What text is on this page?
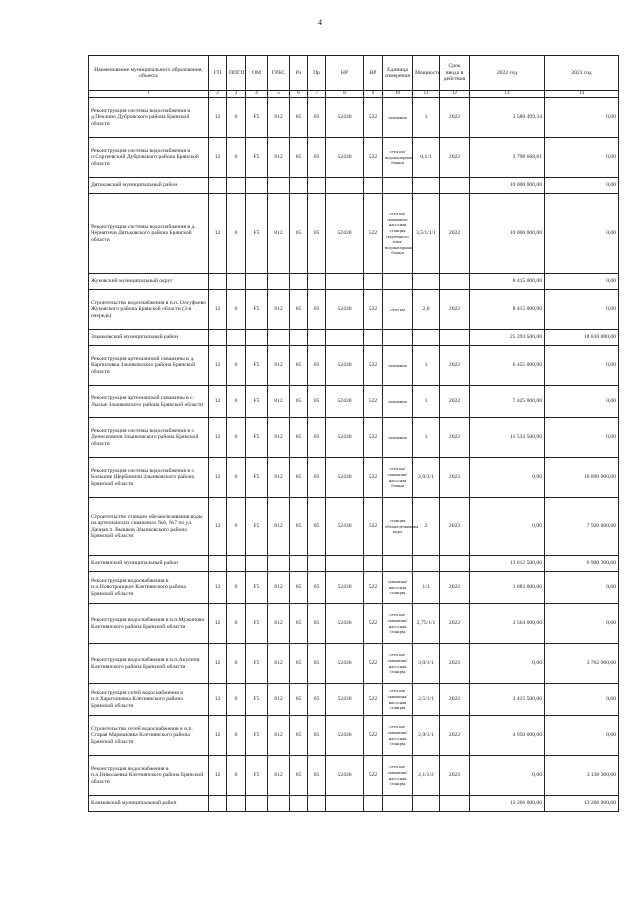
4
Наименование муниципального образования, объекта	ГП	ППГП	ОМ	ГРБС	Рз	Пр	НР	ВР	Единица измерения	Мощность	Срок ввода в действия	2022 год	2023 год
1	2	3	4	5	6	7	8	9	10	11	12	13	14
Реконструкция системы водоснабжения в д.Пеклино Дубровского района Брянской области	12	0	F5	812	05	05	52430	522	скважина	1	2022	3 580 499,34	0,00
Реконструкция системы водоснабжения в п.Сергеевский Дубровского района Брянской области	12	0	F5	812	05	05	52430	522	сети км/водонапорная башня	0,1/1	2022	3 798 668,61	0,00
Дятьковский муниципальный район												10 000 000,00	0,00
Реконструкция системы водоснабжения в д. Чернятичи Дятьковского района Брянской области	12	0	F5	812	05	05	52430	522	сети км/скважины/насосная станция подземного типа/водонапорная башня	3,5/1/1/1	2022	10 000 000,00	0,00
Жуковский муниципальный округ												8 415 000,00	0,00
Строительство водоснабжения в н.п. Олсуфьево Жуковского района Брянской области (3-я очередь)	12	0	F5	812	05	05	52430	522	сети км	2,0	2022	8 415 000,00	0,00
Злынковский муниципальный район												25 393 500,00	18 810 000,00
Реконструкция артезианской скважины в д. Карпиловка Злынковского района Брянской области	12	0	F5	812	05	05	52430	522	скважина	1	2022	6 455 000,00	0,00
Реконструкция артезианской скважины в с. Лысые Злынковского района Брянской области	12	0	F5	812	05	05	52430	522	скважина	1	2022	7 425 000,00	0,00
Реконструкция системы водоснабжения в с. Денисковичи Злынковского района Брянской области	12	0	F5	812	05	05	52430	522	скважина	1	2022	11 533 500,00	0,00
Реконструкция системы водоснабжения в с. Большие Щербиничи Злынковского района Брянской области	12	0	F5	812	05	05	52430	522	сети км/скважина/насосная башня	2,0/3/1	2023	0,00	10 890 000,00
Строительство станции обезжелезивания воды на артезианских скважинах №6, №7 по ул. Дачная п. Вышков Злынковского района Брянской области	12	0	F5	812	05	05	52430	522	станция обезжелезивания воды	2	2023	0,00	7 920 000,00
Клетнянский муниципальный район												13 612 500,00	6 900 300,00
Реконструкция водоснабжения в н.п.Новотроицкое Клетнянского района Брянской области	12	0	F5	812	05	05	52430	522	скважина/насосная станция	1/1	2022	1 683 000,00	0,00
Реконструкция водоснабжения в н.п.Мужиново Клетнянского района Брянской области	12	0	F5	812	05	05	52430	522	сети км/скважина/насосная станция	2,75/1/1	2022	3 564 000,00	0,00
Реконструкция водоснабжения в н.п.Акуличи Клетнянского района Брянской области	12	0	F5	812	05	05	52430	522	сети км/скважина/насосная станция	3,0/1/1	2023	0,00	3 762 000,00
Реконструкция сетей водоснабжения в н.п.Харитоновка Клетнянского района Брянской области	12	0	F5	812	05	05	52430	522	сети км/скважина/насосная станция	2,5/1/1	2022	3 415 500,00	0,00
Строительство сетей водоснабжения в н.п. Старая Мармазовка Клетнянского района Брянской области	12	0	F5	812	05	05	52430	522	сети км/скважина/насосная станция	2,9/1/1	2022	4 950 000,00	0,00
Реконструкция водоснабжения в н.п.Николаевка Клетнянского района Брянской области	12	0	F5	812	05	05	52430	522	сети км/скважина/насосная станция	2,1/1/2	2023	0,00	3 138 300,00
Климовский муниципальный район												13 266 000,00	13 266 000,00
